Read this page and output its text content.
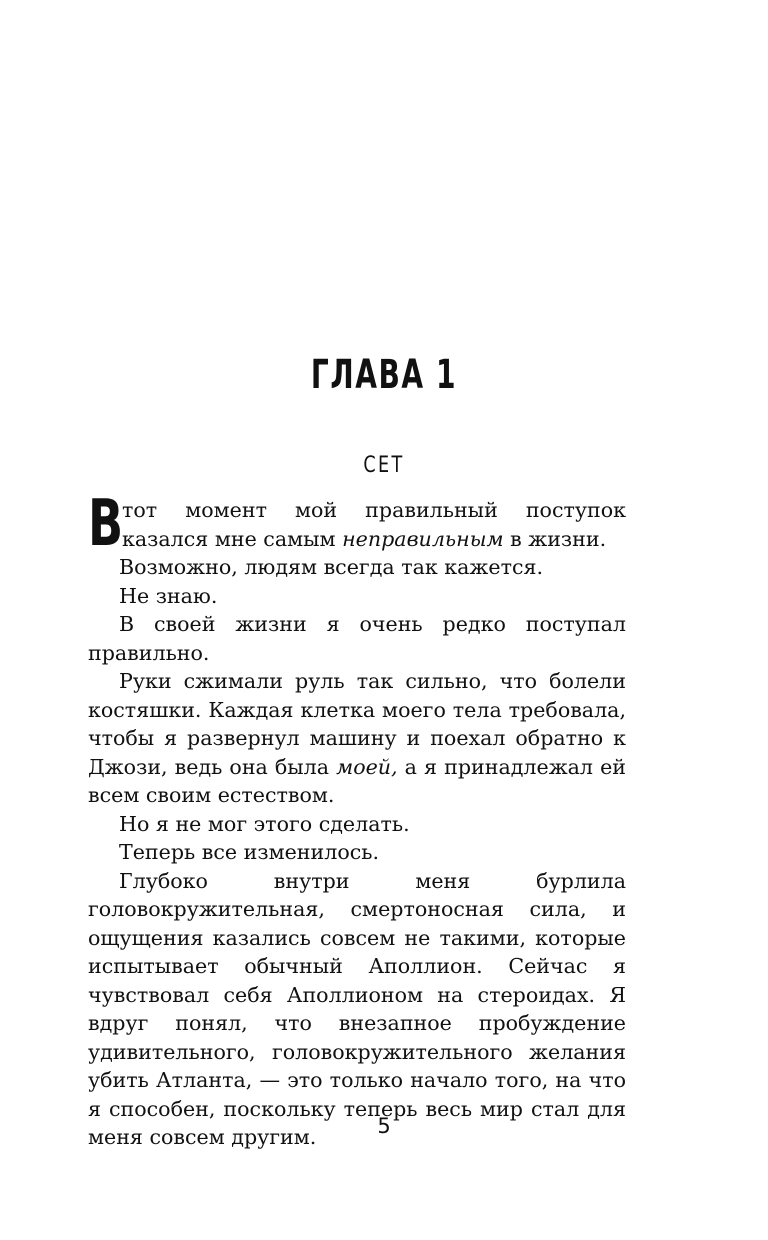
ГЛАВА 1
СЕТ

В
тот момент мой правильный поступок казался мне самым неправильным в жизни.

Возможно, людям всегда так кажется.

Не знаю.

В своей жизни я очень редко поступал правильно.

Руки сжимали руль так сильно, что болели костяшки. Каждая клетка моего тела требовала, чтобы я развернул машину и поехал обратно к Джози, ведь она была моей, а я принадлежал ей всем своим естеством.

Но я не мог этого сделать.

Теперь все изменилось.

Глубоко внутри меня бурлила головокружительная, смертоносная сила, и ощущения казались совсем не такими, которые испытывает обычный Аполлион. Сейчас я чувствовал себя Аполлионом на стероидах. Я вдруг понял, что внезапное пробуждение удивительного, головокружительного желания убить Атланта, — это только начало того, на что я способен, поскольку теперь весь мир стал для меня совсем другим.	5
